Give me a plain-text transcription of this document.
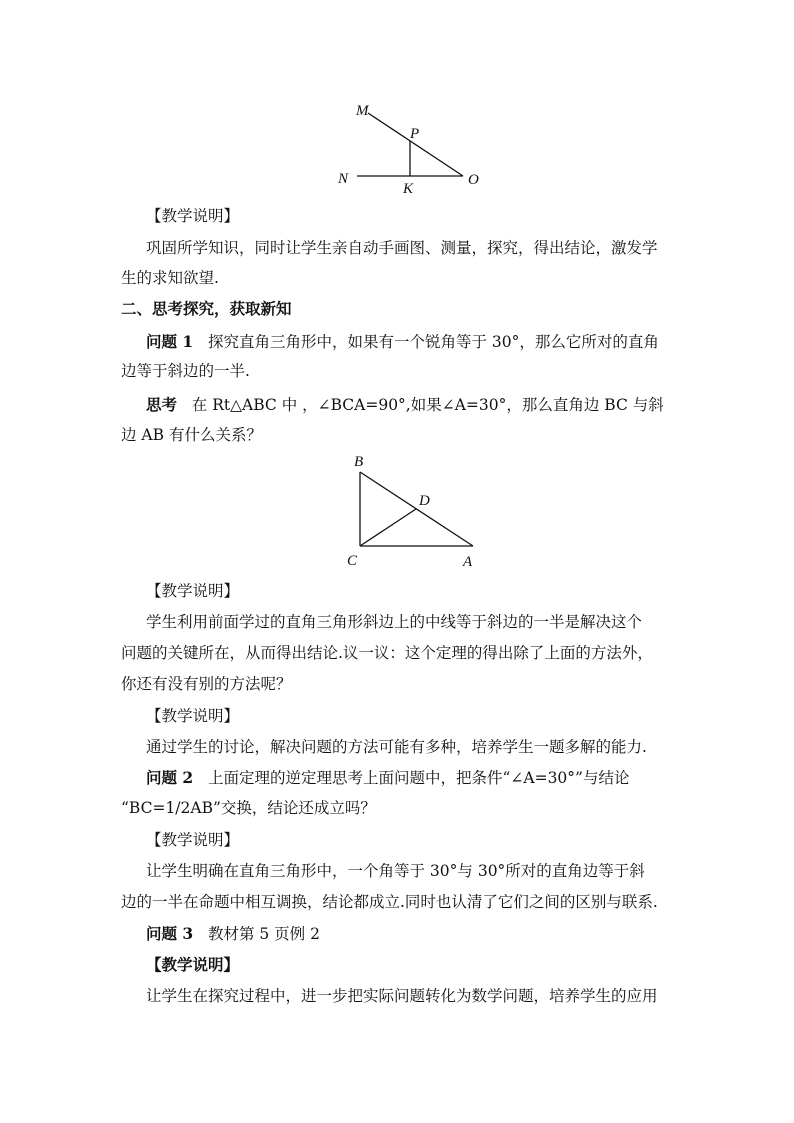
M
P
N
K
O
【教学说明】
巩固所学知识，同时让学生亲自动手画图、测量，探究，得出结论，激发学
生的求知欲望.
二、思考探究，获取新知
问题 1 探究直角三角形中，如果有一个锐角等于 30°，那么它所对的直角
边等于斜边的一半.
思考 在 Rt△ABC 中 ，∠BCA=90°,如果∠A=30°，那么直角边 BC 与斜
边 AB 有什么关系？
B
D
C	A
【教学说明】
学生利用前面学过的直角三角形斜边上的中线等于斜边的一半是解决这个
问题的关键所在，从而得出结论.议一议：这个定理的得出除了上面的方法外，
你还有没有别的方法呢？
【教学说明】
通过学生的讨论，解决问题的方法可能有多种，培养学生一题多解的能力.
问题 2 上面定理的逆定理思考上面问题中，把条件“∠A=30°”与结论
“BC=1/2AB”交换，结论还成立吗？
【教学说明】
让学生明确在直角三角形中，一个角等于 30°与 30°所对的直角边等于斜
边的一半在命题中相互调换，结论都成立.同时也认清了它们之间的区别与联系.
问题 3 教材第 5 页例 2
【教学说明】
让学生在探究过程中，进一步把实际问题转化为数学问题，培养学生的应用
